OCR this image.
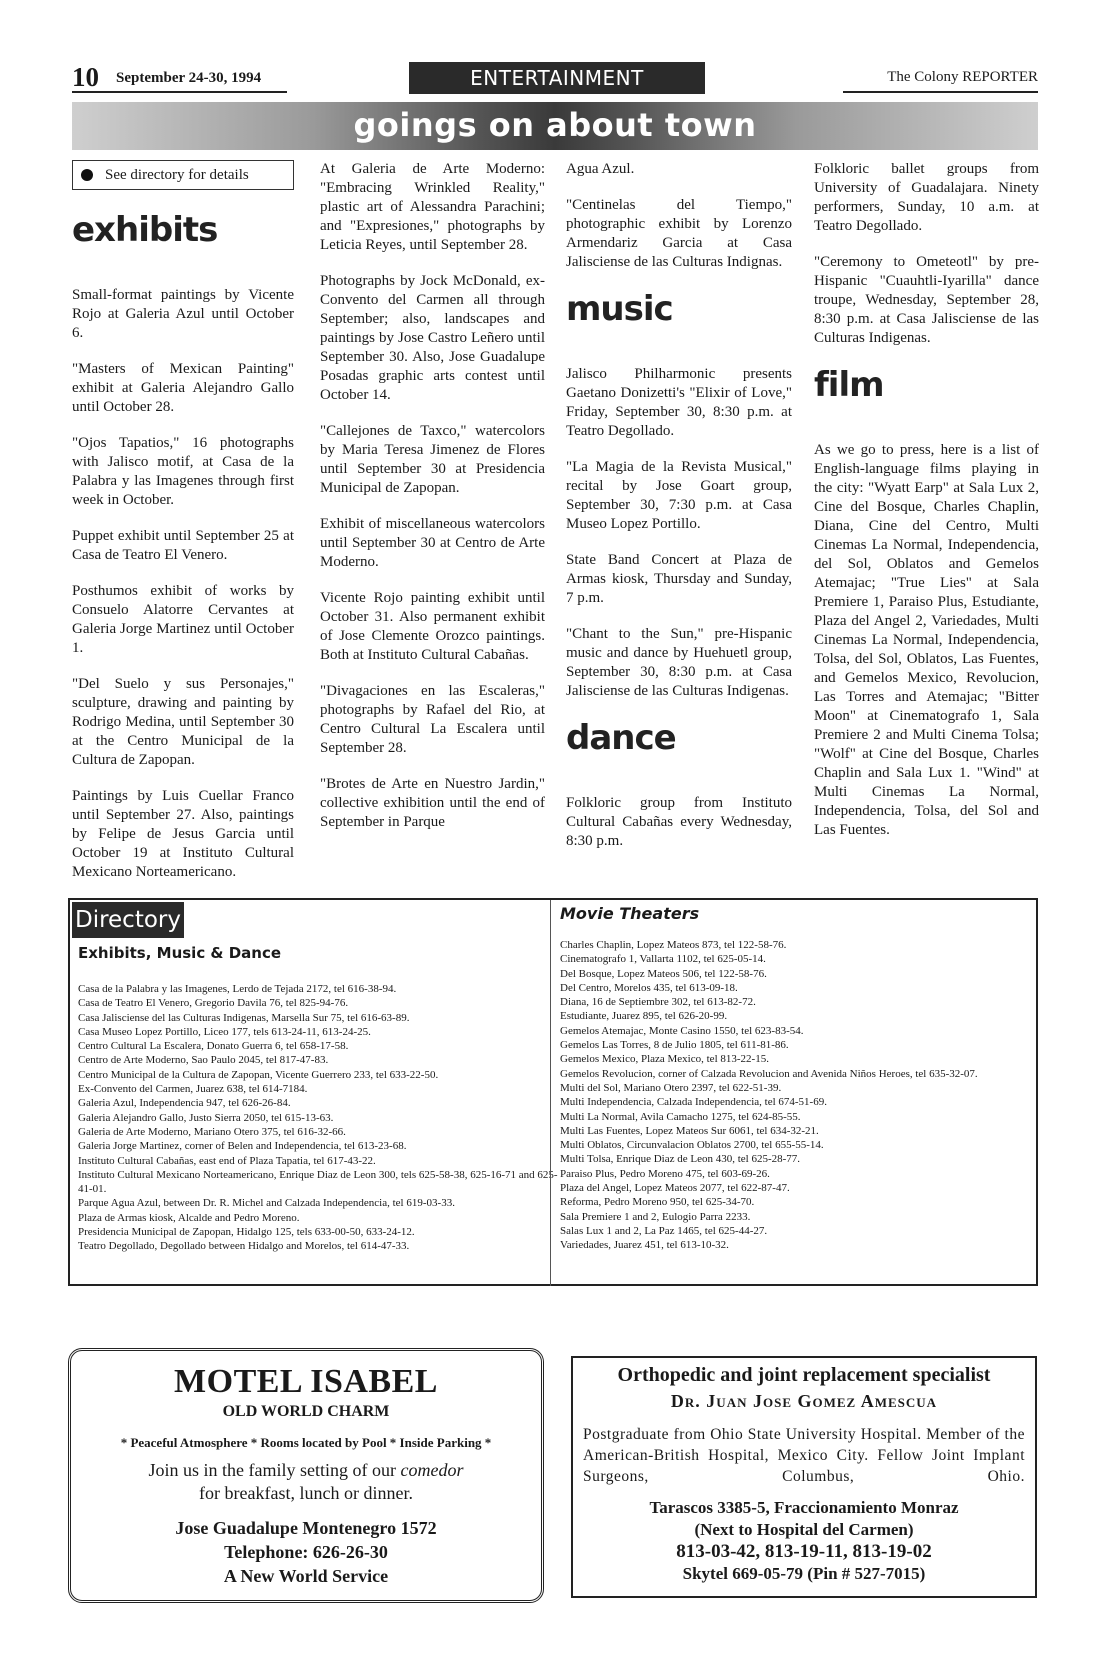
10 September 24-30, 1994	ENTERTAINMENT	The Colony REPORTER
goings on about town
See directory for details
exhibits

Small-format paintings by Vicente Rojo at Galeria Azul until October 6.

"Masters of Mexican Painting" exhibit at Galeria Alejandro Gallo until October 28.

"Ojos Tapatios," 16 photographs with Jalisco motif, at Casa de la Palabra y las Imagenes through first week in October.

Puppet exhibit until September 25 at Casa de Teatro El Venero.

Posthumos exhibit of works by Consuelo Alatorre Cervantes at Galeria Jorge Martinez until October 1.

"Del Suelo y sus Personajes," sculpture, drawing and painting by Rodrigo Medina, until September 30 at the Centro Municipal de la Cultura de Zapopan.

Paintings by Luis Cuellar Franco until September 27. Also, paintings by Felipe de Jesus Garcia until October 19 at Instituto Cultural Mexicano Norteamericano.

At Galeria de Arte Moderno: "Embracing Wrinkled Reality," plastic art of Alessandra Parachini; and "Expresiones," photographs by Leticia Reyes, until September 28.

Photographs by Jock McDonald, ex-Convento del Carmen all through September; also, landscapes and paintings by Jose Castro Leñero until September 30. Also, Jose Guadalupe Posadas graphic arts contest until October 14.

"Callejones de Taxco," watercolors by Maria Teresa Jimenez de Flores until September 30 at Presidencia Municipal de Zapopan.

Exhibit of miscellaneous watercolors until September 30 at Centro de Arte Moderno.

Vicente Rojo painting exhibit until October 31. Also permanent exhibit of Jose Clemente Orozco paintings. Both at Instituto Cultural Cabañas.

"Divagaciones en las Escaleras," photographs by Rafael del Rio, at Centro Cultural La Escalera until September 28.

"Brotes de Arte en Nuestro Jardin," collective exhibition until the end of September in Parque

Agua Azul.

"Centinelas del Tiempo," photographic exhibit by Lorenzo Armendariz Garcia at Casa Jalisciense de las Culturas Indignas.

music

Jalisco Philharmonic presents Gaetano Donizetti's "Elixir of Love," Friday, September 30, 8:30 p.m. at Teatro Degollado.

"La Magia de la Revista Musical," recital by Jose Goart group, September 30, 7:30 p.m. at Casa Museo Lopez Portillo.

State Band Concert at Plaza de Armas kiosk, Thursday and Sunday, 7 p.m.

"Chant to the Sun," pre-Hispanic music and dance by Huehuetl group, September 30, 8:30 p.m. at Casa Jalisciense de las Culturas Indigenas.

dance

Folkloric group from Instituto Cultural Cabañas every Wednesday, 8:30 p.m.

Folkloric ballet groups from University of Guadalajara. Ninety performers, Sunday, 10 a.m. at Teatro Degollado.

"Ceremony to Ometeotl" by pre-Hispanic "Cuauhtli-Iyarilla" dance troupe, Wednesday, September 28, 8:30 p.m. at Casa Jalisciense de las Culturas Indigenas.

film

As we go to press, here is a list of English-language films playing in the city: "Wyatt Earp" at Sala Lux 2, Cine del Bosque, Charles Chaplin, Diana, Cine del Centro, Multi Cinemas La Normal, Independencia, del Sol, Oblatos and Gemelos Atemajac; "True Lies" at Sala Premiere 1, Paraiso Plus, Estudiante, Plaza del Angel 2, Variedades, Multi Cinemas La Normal, Independencia, Tolsa, del Sol, Oblatos, Las Fuentes, and Gemelos Mexico, Revolucion, Las Torres and Atemajac; "Bitter Moon" at Cinematografo 1, Sala Premiere 2 and Multi Cinema Tolsa; "Wolf" at Cine del Bosque, Charles Chaplin and Sala Lux 1. "Wind" at Multi Cinemas La Normal, Independencia, Tolsa, del Sol and Las Fuentes.

Directory
Exhibits, Music & Dance
Casa de la Palabra y las Imagenes, Lerdo de Tejada 2172, tel 616-38-94.
Casa de Teatro El Venero, Gregorio Davila 76, tel 825-94-76.
Casa Jalisciense del las Culturas Indigenas, Marsella Sur 75, tel 616-63-89.
Casa Museo Lopez Portillo, Liceo 177, tels 613-24-11, 613-24-25.
Centro Cultural La Escalera, Donato Guerra 6, tel 658-17-58.
Centro de Arte Moderno, Sao Paulo 2045, tel 817-47-83.
Centro Municipal de la Cultura de Zapopan, Vicente Guerrero 233, tel 633-22-50.
Ex-Convento del Carmen, Juarez 638, tel 614-7184.
Galeria Azul, Independencia 947, tel 626-26-84.
Galeria Alejandro Gallo, Justo Sierra 2050, tel 615-13-63.
Galeria de Arte Moderno, Mariano Otero 375, tel 616-32-66.
Galeria Jorge Martinez, corner of Belen and Independencia, tel 613-23-68.
Instituto Cultural Cabañas, east end of Plaza Tapatia, tel 617-43-22.
Instituto Cultural Mexicano Norteamericano, Enrique Diaz de Leon 300, tels 625-58-38, 625-16-71 and 625-41-01.
Parque Agua Azul, between Dr. R. Michel and Calzada Independencia, tel 619-03-33.
Plaza de Armas kiosk, Alcalde and Pedro Moreno.
Presidencia Municipal de Zapopan, Hidalgo 125, tels 633-00-50, 633-24-12.
Teatro Degollado, Degollado between Hidalgo and Morelos, tel 614-47-33.
Movie Theaters
Charles Chaplin, Lopez Mateos 873, tel 122-58-76.
Cinematografo 1, Vallarta 1102, tel 625-05-14.
Del Bosque, Lopez Mateos 506, tel 122-58-76.
Del Centro, Morelos 435, tel 613-09-18.
Diana, 16 de Septiembre 302, tel 613-82-72.
Estudiante, Juarez 895, tel 626-20-99.
Gemelos Atemajac, Monte Casino 1550, tel 623-83-54.
Gemelos Las Torres, 8 de Julio 1805, tel 611-81-86.
Gemelos Mexico, Plaza Mexico, tel 813-22-15.
Gemelos Revolucion, corner of Calzada Revolucion and Avenida Niños Heroes, tel 635-32-07.
Multi del Sol, Mariano Otero 2397, tel 622-51-39.
Multi Independencia, Calzada Independencia, tel 674-51-69.
Multi La Normal, Avila Camacho 1275, tel 624-85-55.
Multi Las Fuentes, Lopez Mateos Sur 6061, tel 634-32-21.
Multi Oblatos, Circunvalacion Oblatos 2700, tel 655-55-14.
Multi Tolsa, Enrique Diaz de Leon 430, tel 625-28-77.
Paraiso Plus, Pedro Moreno 475, tel 603-69-26.
Plaza del Angel, Lopez Mateos 2077, tel 622-87-47.
Reforma, Pedro Moreno 950, tel 625-34-70.
Sala Premiere 1 and 2, Eulogio Parra 2233.
Salas Lux 1 and 2, La Paz 1465, tel 625-44-27.
Variedades, Juarez 451, tel 613-10-32.
MOTEL ISABEL
OLD WORLD CHARM
* Peaceful Atmosphere * Rooms located by Pool * Inside Parking *
Join us in the family setting of our comedor
for breakfast, lunch or dinner.
Jose Guadalupe Montenegro 1572
Telephone: 626-26-30
A New World Service
Orthopedic and joint replacement specialist
Dr. Juan Jose Gomez Amescua
Postgraduate from Ohio State University Hospital. Member of the American-British Hospital, Mexico City. Fellow Joint Implant Surgeons, Columbus, Ohio.
Tarascos 3385-5, Fraccionamiento Monraz
(Next to Hospital del Carmen)
813-03-42, 813-19-11, 813-19-02
Skytel 669-05-79 (Pin # 527-7015)
